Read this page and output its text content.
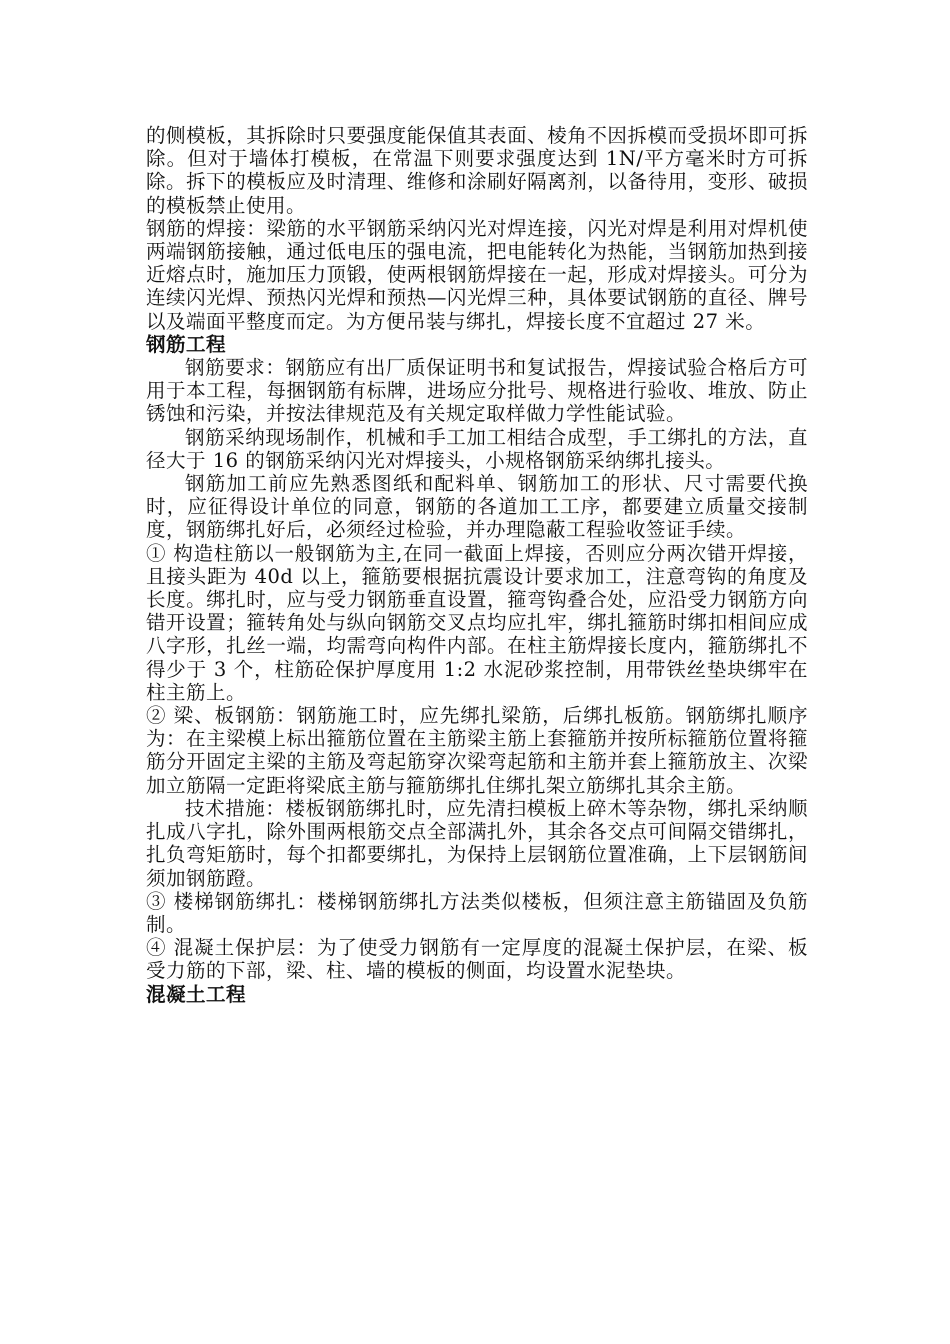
的侧模板，其拆除时只要强度能保值其表面、棱角不因拆模而受损坏即可拆除。但对于墙体打模板，在常温下则要求强度达到 1N/平方毫米时方可拆除。拆下的模板应及时清理、维修和涂刷好隔离剂，以备待用，变形、破损的模板禁止使用。

钢筋的焊接：梁筋的水平钢筋采纳闪光对焊连接，闪光对焊是利用对焊机使两端钢筋接触，通过低电压的强电流，把电能转化为热能，当钢筋加热到接近熔点时，施加压力顶锻，使两根钢筋焊接在一起，形成对焊接头。可分为连续闪光焊、预热闪光焊和预热—闪光焊三种，具体要试钢筋的直径、牌号以及端面平整度而定。为方便吊装与绑扎，焊接长度不宜超过 27 米。

钢筋工程

钢筋要求：钢筋应有出厂质保证明书和复试报告，焊接试验合格后方可用于本工程，每捆钢筋有标牌，进场应分批号、规格进行验收、堆放、防止锈蚀和污染，并按法律规范及有关规定取样做力学性能试验。

钢筋采纳现场制作，机械和手工加工相结合成型，手工绑扎的方法，直径大于 16 的钢筋采纳闪光对焊接头，小规格钢筋采纳绑扎接头。

钢筋加工前应先熟悉图纸和配料单、钢筋加工的形状、尺寸需要代换时，应征得设计单位的同意，钢筋的各道加工工序，都要建立质量交接制度，钢筋绑扎好后，必须经过检验，并办理隐蔽工程验收签证手续。

① 构造柱筋以一般钢筋为主,在同一截面上焊接，否则应分两次错开焊接，且接头距为 40d 以上，箍筋要根据抗震设计要求加工，注意弯钩的角度及长度。绑扎时，应与受力钢筋垂直设置，箍弯钩叠合处，应沿受力钢筋方向错开设置；箍转角处与纵向钢筋交叉点均应扎牢，绑扎箍筋时绑扣相间应成八字形，扎丝一端，均需弯向构件内部。在柱主筋焊接长度内，箍筋绑扎不得少于 3 个，柱筋砼保护厚度用 1:2 水泥砂浆控制，用带铁丝垫块绑牢在柱主筋上。

② 梁、板钢筋：钢筋施工时，应先绑扎梁筋，后绑扎板筋。钢筋绑扎顺序为：在主梁模上标出箍筋位置在主筋梁主筋上套箍筋并按所标箍筋位置将箍筋分开固定主梁的主筋及弯起筋穿次梁弯起筋和主筋并套上箍筋放主、次梁加立筋隔一定距将梁底主筋与箍筋绑扎住绑扎架立筋绑扎其余主筋。

技术措施：楼板钢筋绑扎时，应先清扫模板上碎木等杂物，绑扎采纳顺扎成八字扎，除外围两根筋交点全部满扎外，其余各交点可间隔交错绑扎，扎负弯矩筋时，每个扣都要绑扎，为保持上层钢筋位置准确，上下层钢筋间须加钢筋蹬。

③ 楼梯钢筋绑扎：楼梯钢筋绑扎方法类似楼板，但须注意主筋锚固及负筋制。

④ 混凝土保护层：为了使受力钢筋有一定厚度的混凝土保护层，在梁、板受力筋的下部，梁、柱、墙的模板的侧面，均设置水泥垫块。

混凝土工程
